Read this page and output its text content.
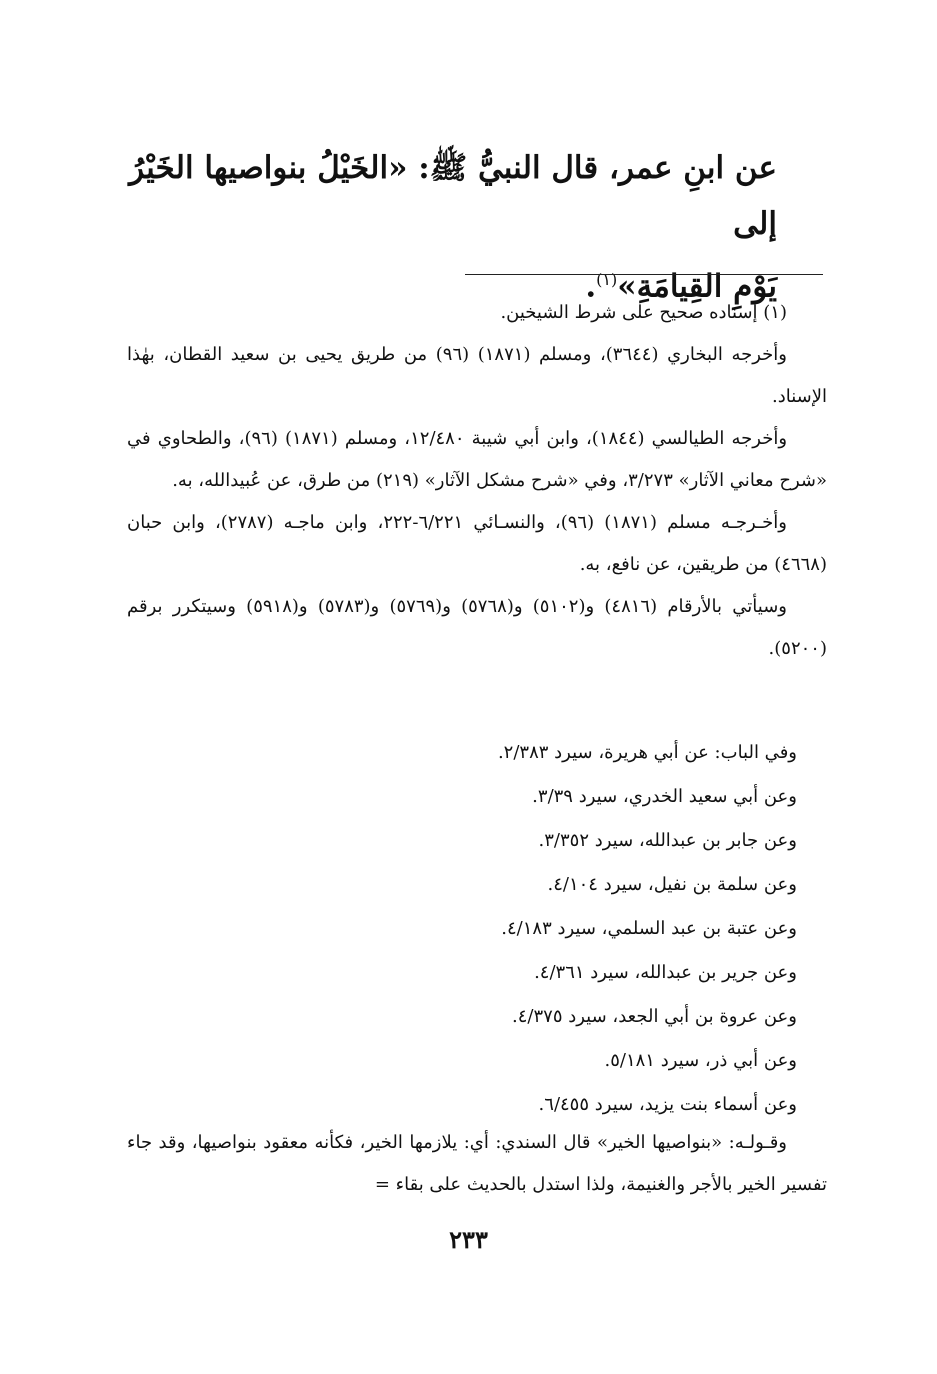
عن ابنِ عمر، قال النبيُّ ﷺ: «الخَيْلُ بنواصيها الخَيْرُ إلى

يَوْمِ القِيامَةِ»$^{(١)}$.

(١) إسناده صحيح على شرط الشيخين.

وأخرجه البخاري (٣٦٤٤)، ومسلم (١٨٧١) (٩٦) من طريق يحيى بن سعيد القطان، بهٰذا الإسناد.

وأخرجه الطيالسي (١٨٤٤)، وابن أبي شيبة ١٢/٤٨٠، ومسلم (١٨٧١) (٩٦)، والطحاوي في «شرح معاني الآثار» ٣/٢٧٣، وفي «شرح مشكل الآثار» (٢١٩) من طرق، عن عُبيدالله، به.

وأخـرجـه مسلم (١٨٧١) (٩٦)، والنسـائي ٦/٢٢١-٢٢٢، وابن ماجـه (٢٧٨٧)، وابن حبان (٤٦٦٨) من طريقين، عن نافع، به.

وسيأتي بالأرقام (٤٨١٦) و(٥١٠٢) و(٥٧٦٨) و(٥٧٦٩) و(٥٧٨٣) و(٥٩١٨) وسيتكرر برقم (٥٢٠٠).

وفي الباب: عن أبي هريرة، سيرد ٢/٣٨٣.

وعن أبي سعيد الخدري، سيرد ٣/٣٩.

وعن جابر بن عبدالله، سيرد ٣/٣٥٢.

وعن سلمة بن نفيل، سيرد ٤/١٠٤.

وعن عتبة بن عبد السلمي، سيرد ٤/١٨٣.

وعن جرير بن عبدالله، سيرد ٤/٣٦١.

وعن عروة بن أبي الجعد، سيرد ٤/٣٧٥.

وعن أبي ذر، سيرد ٥/١٨١.

وعن أسماء بنت يزيد، سيرد ٦/٤٥٥.

وقـولـه: «بنواصيها الخير» قال السندي: أي: يلازمها الخير، فكأنه معقود بنواصيها، وقد جاء تفسير الخير بالأجر والغنيمة، ولذا استدل بالحديث على بقاء =

٢٣٣
